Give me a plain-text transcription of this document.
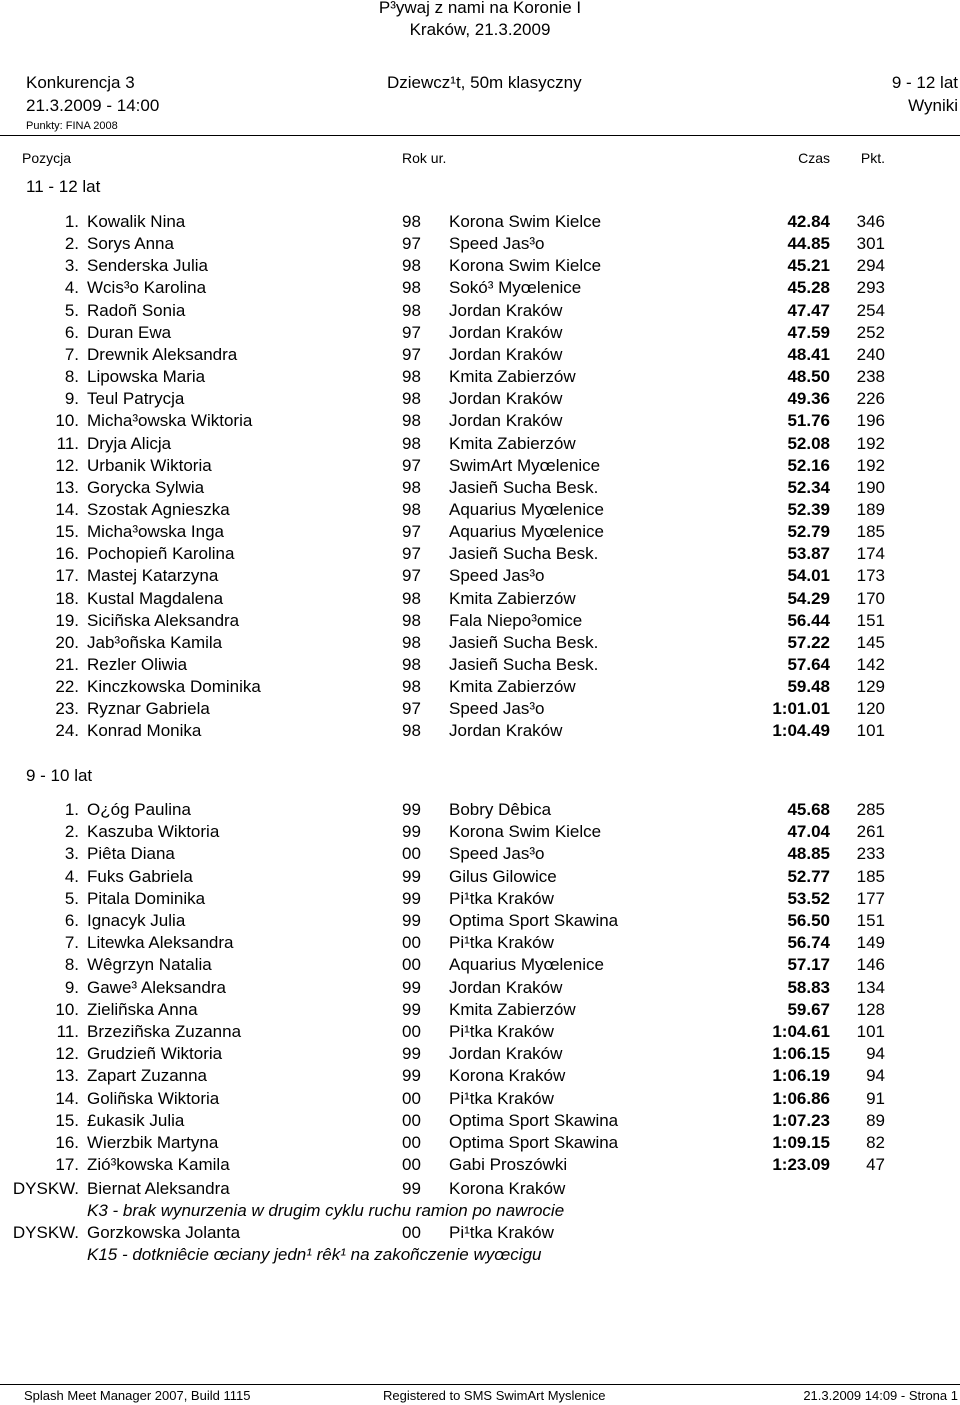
P³ywaj z nami na Koronie I
Kraków, 21.3.2009
Konkurencja 3	Dziewcz¹t, 50m klasyczny	9 - 12 lat
21.3.2009 - 14:00	Wyniki
Punkty: FINA 2008
Pozycja	Rok ur.	Czas	Pkt.
11 - 12 lat
1. Kowalik Nina	98 Korona Swim Kielce	42.84	346
2. Sorys Anna	97 Speed Jas³o	44.85	301
3. Senderska Julia	98 Korona Swim Kielce	45.21	294
4. Wcis³o Karolina	98 Sokó³ Myœlenice	45.28	293
5. Radoñ Sonia	98 Jordan Kraków	47.47	254
6. Duran Ewa	97 Jordan Kraków	47.59	252
7. Drewnik Aleksandra	97 Jordan Kraków	48.41	240
8. Lipowska Maria	98 Kmita Zabierzów	48.50	238
9. Teul Patrycja	98 Jordan Kraków	49.36	226
10. Micha³owska Wiktoria	98 Jordan Kraków	51.76	196
11. Dryja Alicja	98 Kmita Zabierzów	52.08	192
12. Urbanik Wiktoria	97 SwimArt Myœlenice	52.16	192
13. Gorycka Sylwia	98 Jasieñ Sucha Besk.	52.34	190
14. Szostak Agnieszka	98 Aquarius Myœlenice	52.39	189
15. Micha³owska Inga	97 Aquarius Myœlenice	52.79	185
16. Pochopieñ Karolina	97 Jasieñ Sucha Besk.	53.87	174
17. Mastej Katarzyna	97 Speed Jas³o	54.01	173
18. Kustal Magdalena	98 Kmita Zabierzów	54.29	170
19. Siciñska Aleksandra	98 Fala Niepo³omice	56.44	151
20. Jab³oñska Kamila	98 Jasieñ Sucha Besk.	57.22	145
21. Rezler Oliwia	98 Jasieñ Sucha Besk.	57.64	142
22. Kinczkowska Dominika	98 Kmita Zabierzów	59.48	129
23. Ryznar Gabriela	97 Speed Jas³o	1:01.01	120
24. Konrad Monika	98 Jordan Kraków	1:04.49	101
9 - 10 lat
1. O¿óg Paulina	99 Bobry Dêbica	45.68	285
2. Kaszuba Wiktoria	99 Korona Swim Kielce	47.04	261
3. Piêta Diana	00 Speed Jas³o	48.85	233
4. Fuks Gabriela	99 Gilus Gilowice	52.77	185
5. Pitala Dominika	99 Pi¹tka Kraków	53.52	177
6. Ignacyk Julia	99 Optima Sport Skawina	56.50	151
7. Litewka Aleksandra	00 Pi¹tka Kraków	56.74	149
8. Wêgrzyn Natalia	00 Aquarius Myœlenice	57.17	146
9. Gawe³ Aleksandra	99 Jordan Kraków	58.83	134
10. Zieliñska Anna	99 Kmita Zabierzów	59.67	128
11. Brzeziñska Zuzanna	00 Pi¹tka Kraków	1:04.61	101
12. Grudzieñ Wiktoria	99 Jordan Kraków	1:06.15	94
13. Zapart Zuzanna	99 Korona Kraków	1:06.19	94
14. Goliñska Wiktoria	00 Pi¹tka Kraków	1:06.86	91
15. £ukasik Julia	00 Optima Sport Skawina	1:07.23	89
16. Wierzbik Martyna	00 Optima Sport Skawina	1:09.15	82
17. Zió³kowska Kamila	00 Gabi Proszówki	1:23.09	47
DYSKW. Biernat Aleksandra	99 Korona Kraków
K3 - brak wynurzenia w drugim cyklu ruchu ramion po nawrocie
DYSKW. Gorzkowska Jolanta	00 Pi¹tka Kraków
K15 - dotkniêcie œciany jedn¹ rêk¹ na zakoñczenie wyœcigu
Splash Meet Manager 2007, Build 1115	Registered to SMS SwimArt Myslenice	21.3.2009 14:09 - Strona 1
